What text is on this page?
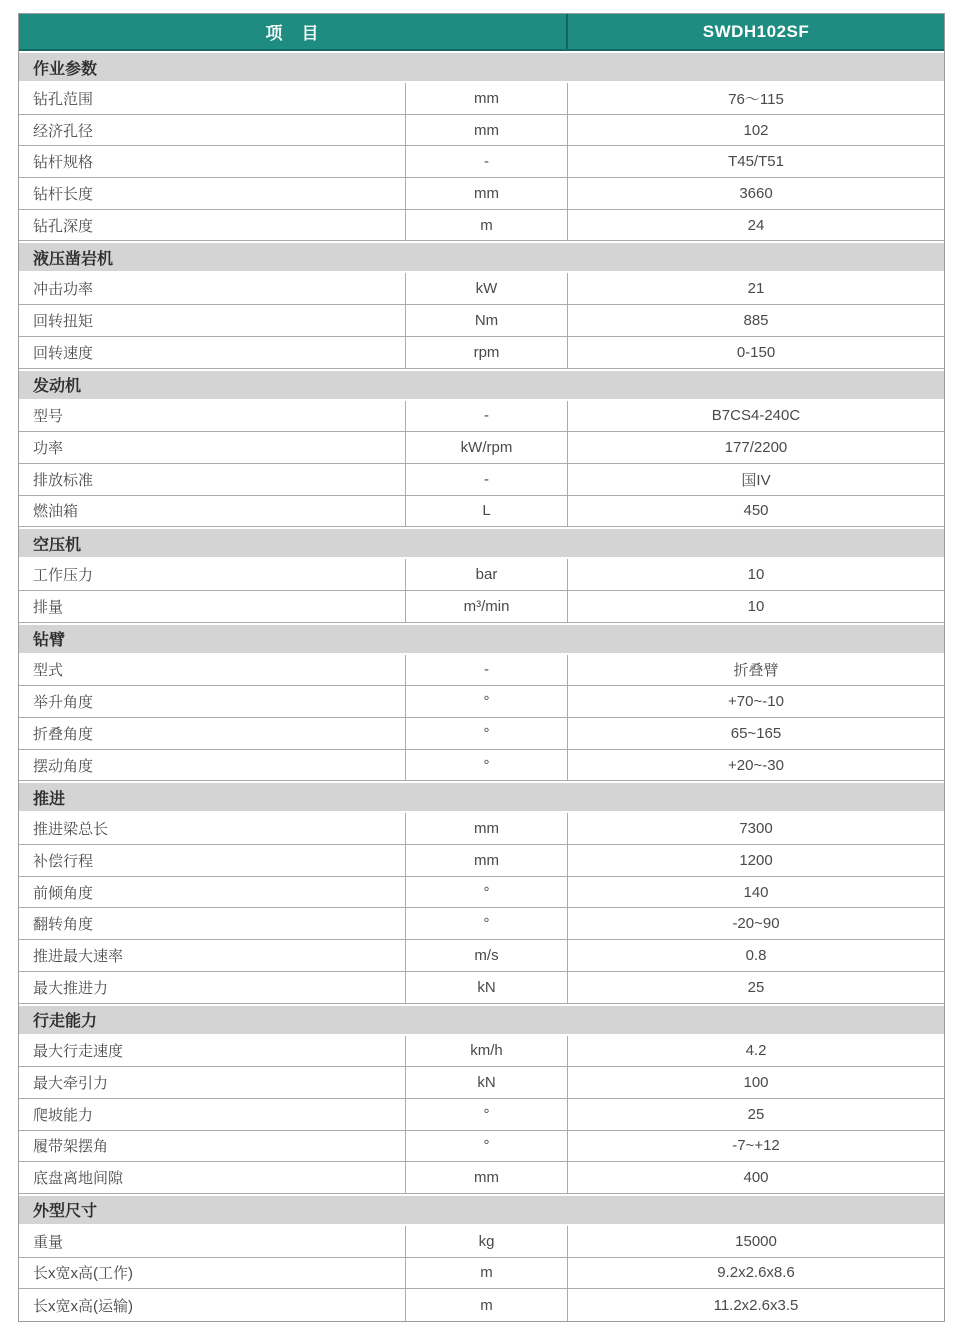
项　目	SWDH102SF
作业参数
钻孔范围	mm	76～115
经济孔径	mm	102
钻杆规格	-	T45/T51
钻杆长度	mm	3660
钻孔深度	m	24
液压凿岩机
冲击功率	kW	21
回转扭矩	Nm	885
回转速度	rpm	0-150
发动机
型号	-	B7CS4-240C
功率	kW/rpm	177/2200
排放标准	-	国IV
燃油箱	L	450
空压机
工作压力	bar	10
排量	m³/min	10
钻臂
型式	-	折叠臂
举升角度	°	+70~-10
折叠角度	°	65~165
摆动角度	°	+20~-30
推进
推进梁总长	mm	7300
补偿行程	mm	1200
前倾角度	°	140
翻转角度	°	-20~90
推进最大速率	m/s	0.8
最大推进力	kN	25
行走能力
最大行走速度	km/h	4.2
最大牵引力	kN	100
爬坡能力	°	25
履带架摆角	°	-7~+12
底盘离地间隙	mm	400
外型尺寸
重量	kg	15000
长x宽x高(工作)	m	9.2x2.6x8.6
长x宽x高(运输)	m	11.2x2.6x3.5
